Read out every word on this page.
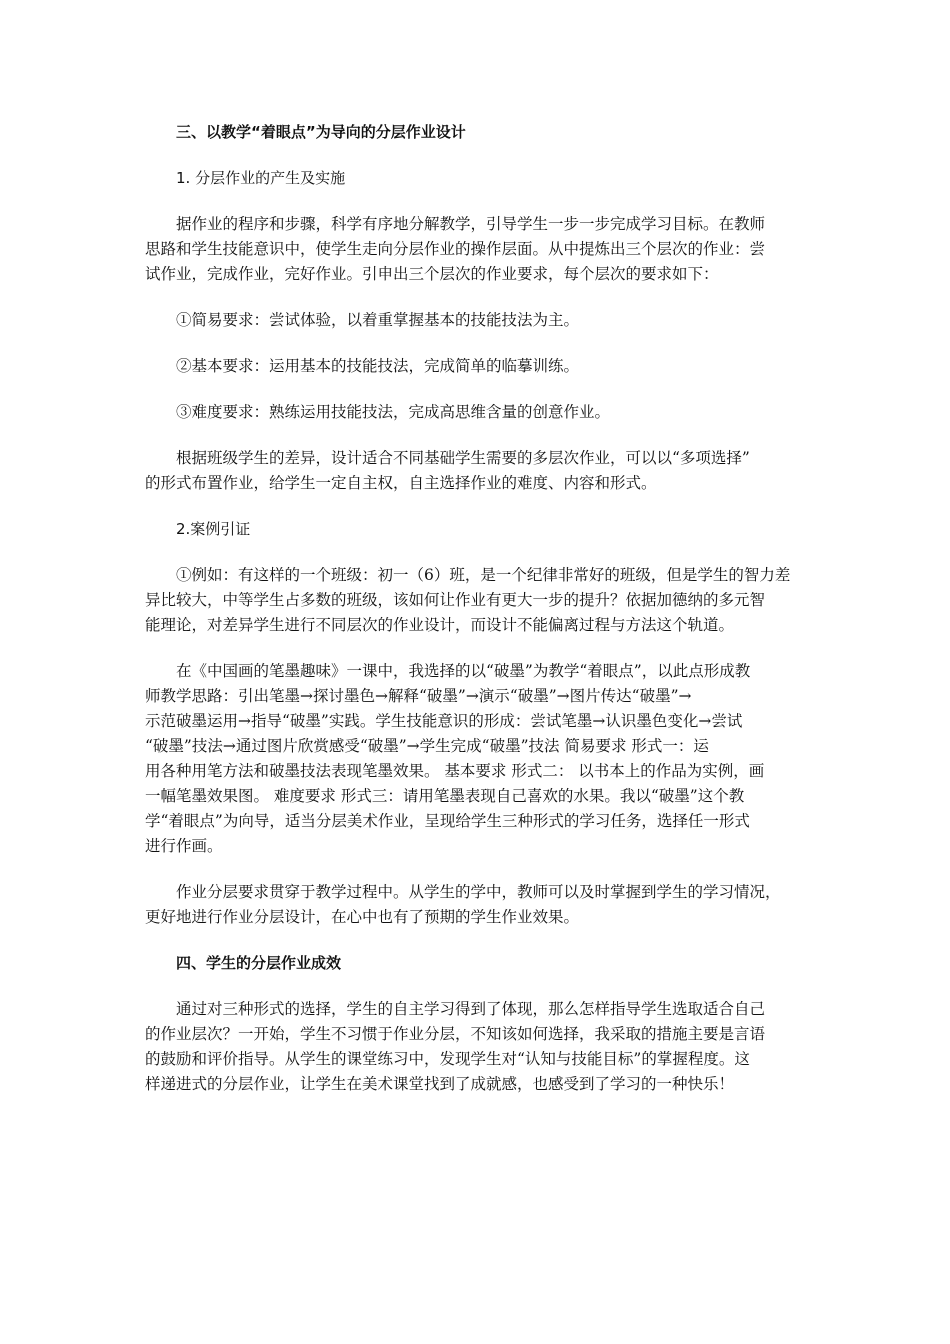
三、以教学“着眼点”为导向的分层作业设计
1. 分层作业的产生及实施
据作业的程序和步骤，科学有序地分解教学，引导学生一步一步完成学习目标。在教师
思路和学生技能意识中，使学生走向分层作业的操作层面。从中提炼出三个层次的作业：尝
试作业，完成作业，完好作业。引申出三个层次的作业要求，每个层次的要求如下：
①简易要求：尝试体验，以着重掌握基本的技能技法为主。
②基本要求：运用基本的技能技法，完成简单的临摹训练。
③难度要求：熟练运用技能技法，完成高思维含量的创意作业。
根据班级学生的差异，设计适合不同基础学生需要的多层次作业，可以以“多项选择”
的形式布置作业，给学生一定自主权，自主选择作业的难度、内容和形式。
2.案例引证
①例如：有这样的一个班级：初一（6）班，是一个纪律非常好的班级，但是学生的智力差
异比较大，中等学生占多数的班级，该如何让作业有更大一步的提升？依据加德纳的多元智
能理论，对差异学生进行不同层次的作业设计，而设计不能偏离过程与方法这个轨道。
在《中国画的笔墨趣味》一课中，我选择的以“破墨”为教学“着眼点”，以此点形成教
师教学思路：引出笔墨→探讨墨色→解释“破墨”→演示“破墨”→图片传达“破墨”→
示范破墨运用→指导“破墨”实践。学生技能意识的形成：尝试笔墨→认识墨色变化→尝试
“破墨”技法→通过图片欣赏感受“破墨”→学生完成“破墨”技法 简易要求 形式一：运
用各种用笔方法和破墨技法表现笔墨效果。 基本要求 形式二： 以书本上的作品为实例，画
一幅笔墨效果图。 难度要求 形式三：请用笔墨表现自己喜欢的水果。我以“破墨”这个教
学“着眼点”为向导，适当分层美术作业，呈现给学生三种形式的学习任务，选择任一形式
进行作画。
作业分层要求贯穿于教学过程中。从学生的学中，教师可以及时掌握到学生的学习情况，
更好地进行作业分层设计，在心中也有了预期的学生作业效果。
四、学生的分层作业成效
通过对三种形式的选择，学生的自主学习得到了体现，那么怎样指导学生选取适合自己
的作业层次？一开始，学生不习惯于作业分层，不知该如何选择，我采取的措施主要是言语
的鼓励和评价指导。从学生的课堂练习中，发现学生对“认知与技能目标”的掌握程度。这
样递进式的分层作业，让学生在美术课堂找到了成就感，也感受到了学习的一种快乐！
